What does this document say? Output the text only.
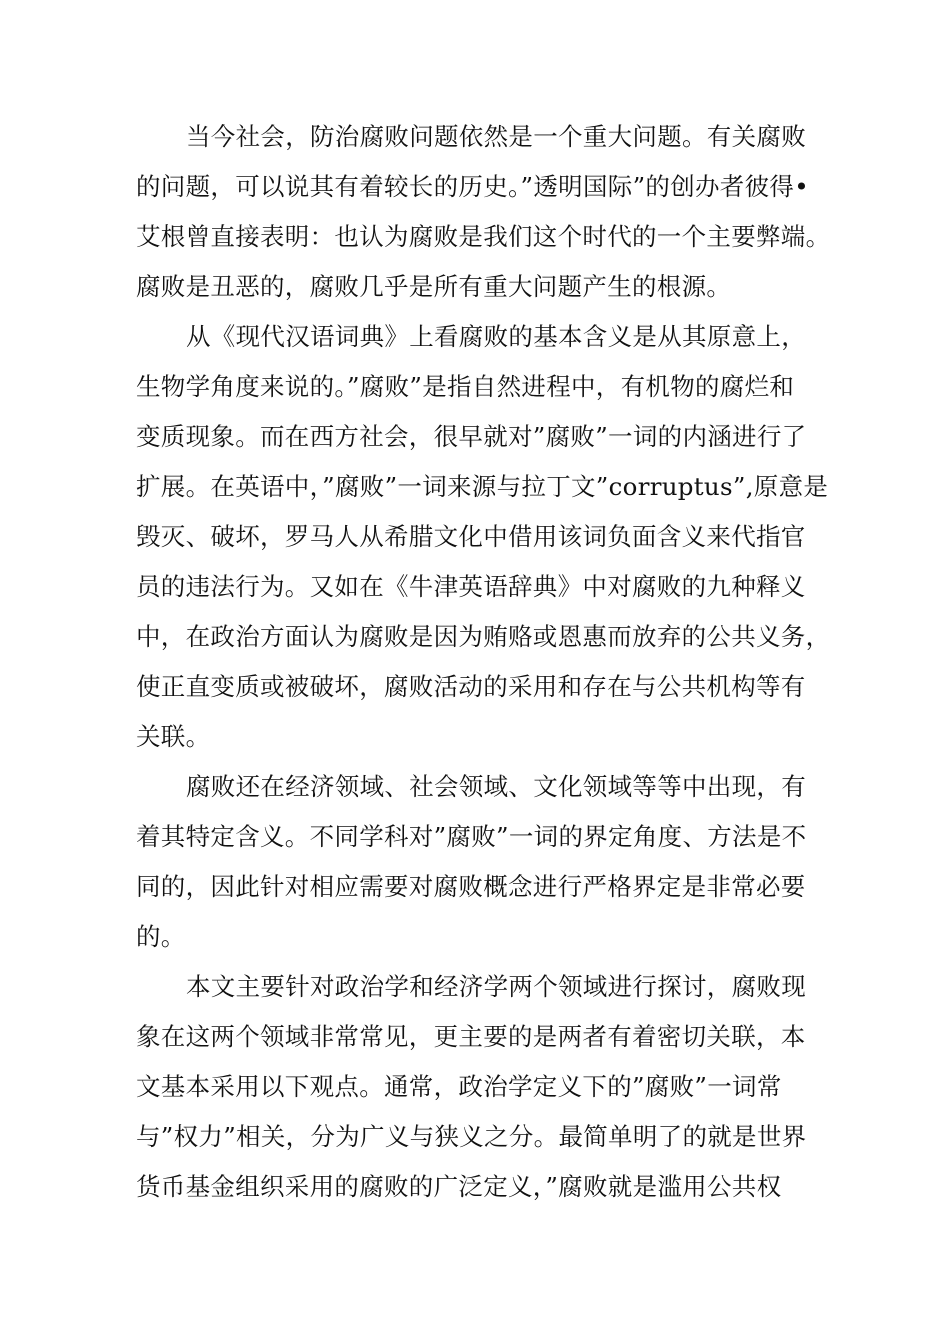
当今社会，防治腐败问题依然是一个重大问题。有关腐败
的问题，可以说其有着较长的历史。”透明国际”的创办者彼得•
艾根曾直接表明：也认为腐败是我们这个时代的一个主要弊端。
腐败是丑恶的，腐败几乎是所有重大问题产生的根源。
从《现代汉语词典》上看腐败的基本含义是从其原意上，
生物学角度来说的。”腐败”是指自然进程中，有机物的腐烂和
变质现象。而在西方社会，很早就对”腐败”一词的内涵进行了
扩展。在英语中，”腐败”一词来源与拉丁文”corruptus”,原意是
毁灭、破坏，罗马人从希腊文化中借用该词负面含义来代指官
员的违法行为。又如在《牛津英语辞典》中对腐败的九种释义
中，在政治方面认为腐败是因为贿赂或恩惠而放弃的公共义务，
使正直变质或被破坏，腐败活动的采用和存在与公共机构等有
关联。
腐败还在经济领域、社会领域、文化领域等等中出现，有
着其特定含义。不同学科对”腐败”一词的界定角度、方法是不
同的，因此针对相应需要对腐败概念进行严格界定是非常必要
的。
本文主要针对政治学和经济学两个领域进行探讨，腐败现
象在这两个领域非常常见，更主要的是两者有着密切关联，本
文基本采用以下观点。通常，政治学定义下的”腐败”一词常
与”权力”相关，分为广义与狭义之分。最简单明了的就是世界
货币基金组织采用的腐败的广泛定义，”腐败就是滥用公共权
